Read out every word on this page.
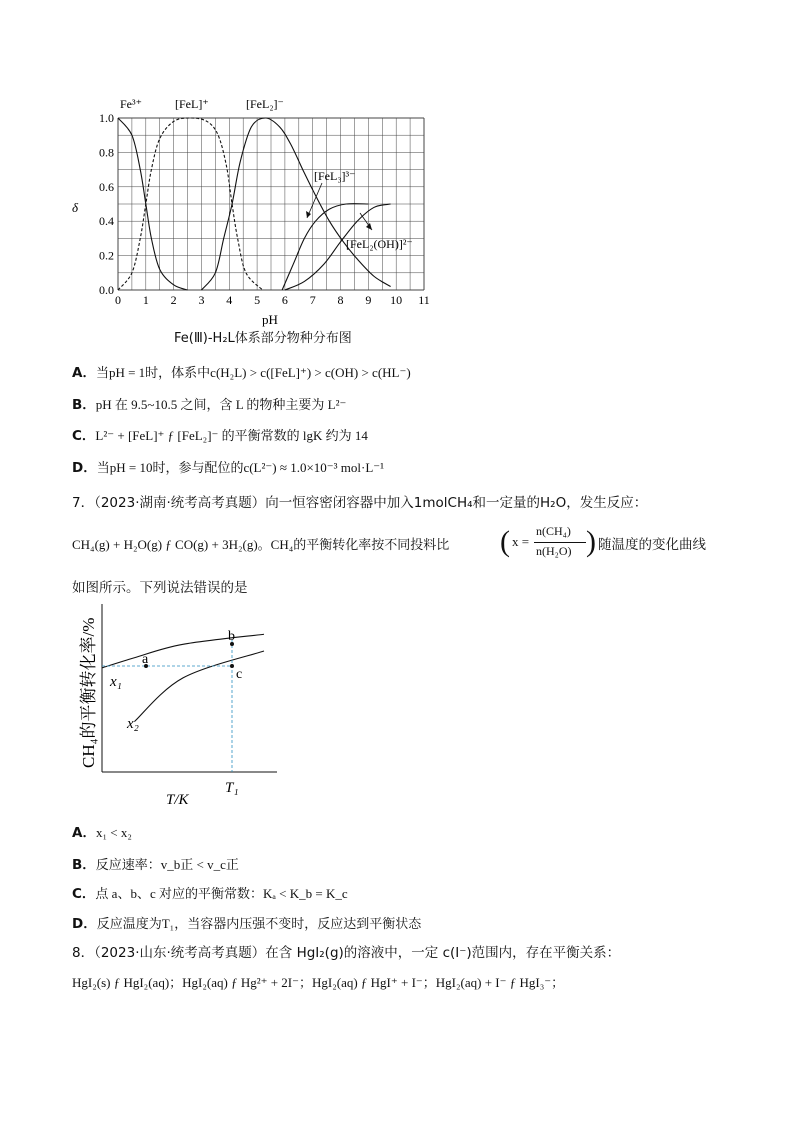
0 1 2 3 4 5 6 7 8 9 10 11
0.0
0.2
0.4
0.6
0.8
1.0
Fe³⁺	[FeL]⁺	[FeL₂]⁻
[FeL₃]³⁻
[FeL₂(OH)]²⁻
δ
pH
Fe(Ⅲ)-H₂L体系部分物种分布图
A．当pH = 1时，体系中c(H₂L) > c([FeL]⁺) > c(OH) > c(HL⁻)
B．pH 在 9.5~10.5 之间，含 L 的物种主要为 L²⁻
C．L²⁻ + [FeL]⁺ ƒ [FeL₂]⁻ 的平衡常数的 lgK 约为 14
D．当pH = 10时，参与配位的c(L²⁻) ≈ 1.0×10⁻³ mol·L⁻¹
7．（2023·湖南·统考高考真题）向一恒容密闭容器中加入1molCH₄和一定量的H₂O，发生反应：
CH₄(g) + H₂O(g) ƒ CO(g) + 3H₂(g)。CH₄的平衡转化率按不同投料比 ( x =
n(CH₄)
n(H₂O) ) 随温度的变化曲线
如图所示。下列说法错误的是
a
b
c
x₁
x₂
T₁
T/K
CH₄的平衡转化率/%
A．x₁ < x₂
B．反应速率：v_b正 < v_c正
C．点 a、b、c 对应的平衡常数：Kₐ < K_b = K_c
D．反应温度为T₁，当容器内压强不变时，反应达到平衡状态
8．（2023·山东·统考高考真题）在含 HgI₂(g)的溶液中，一定 c(I⁻)范围内，存在平衡关系：
HgI₂(s) ƒ HgI₂(aq)；HgI₂(aq) ƒ Hg²⁺ + 2I⁻；HgI₂(aq) ƒ HgI⁺ + I⁻；HgI₂(aq) + I⁻ ƒ HgI₃⁻；
